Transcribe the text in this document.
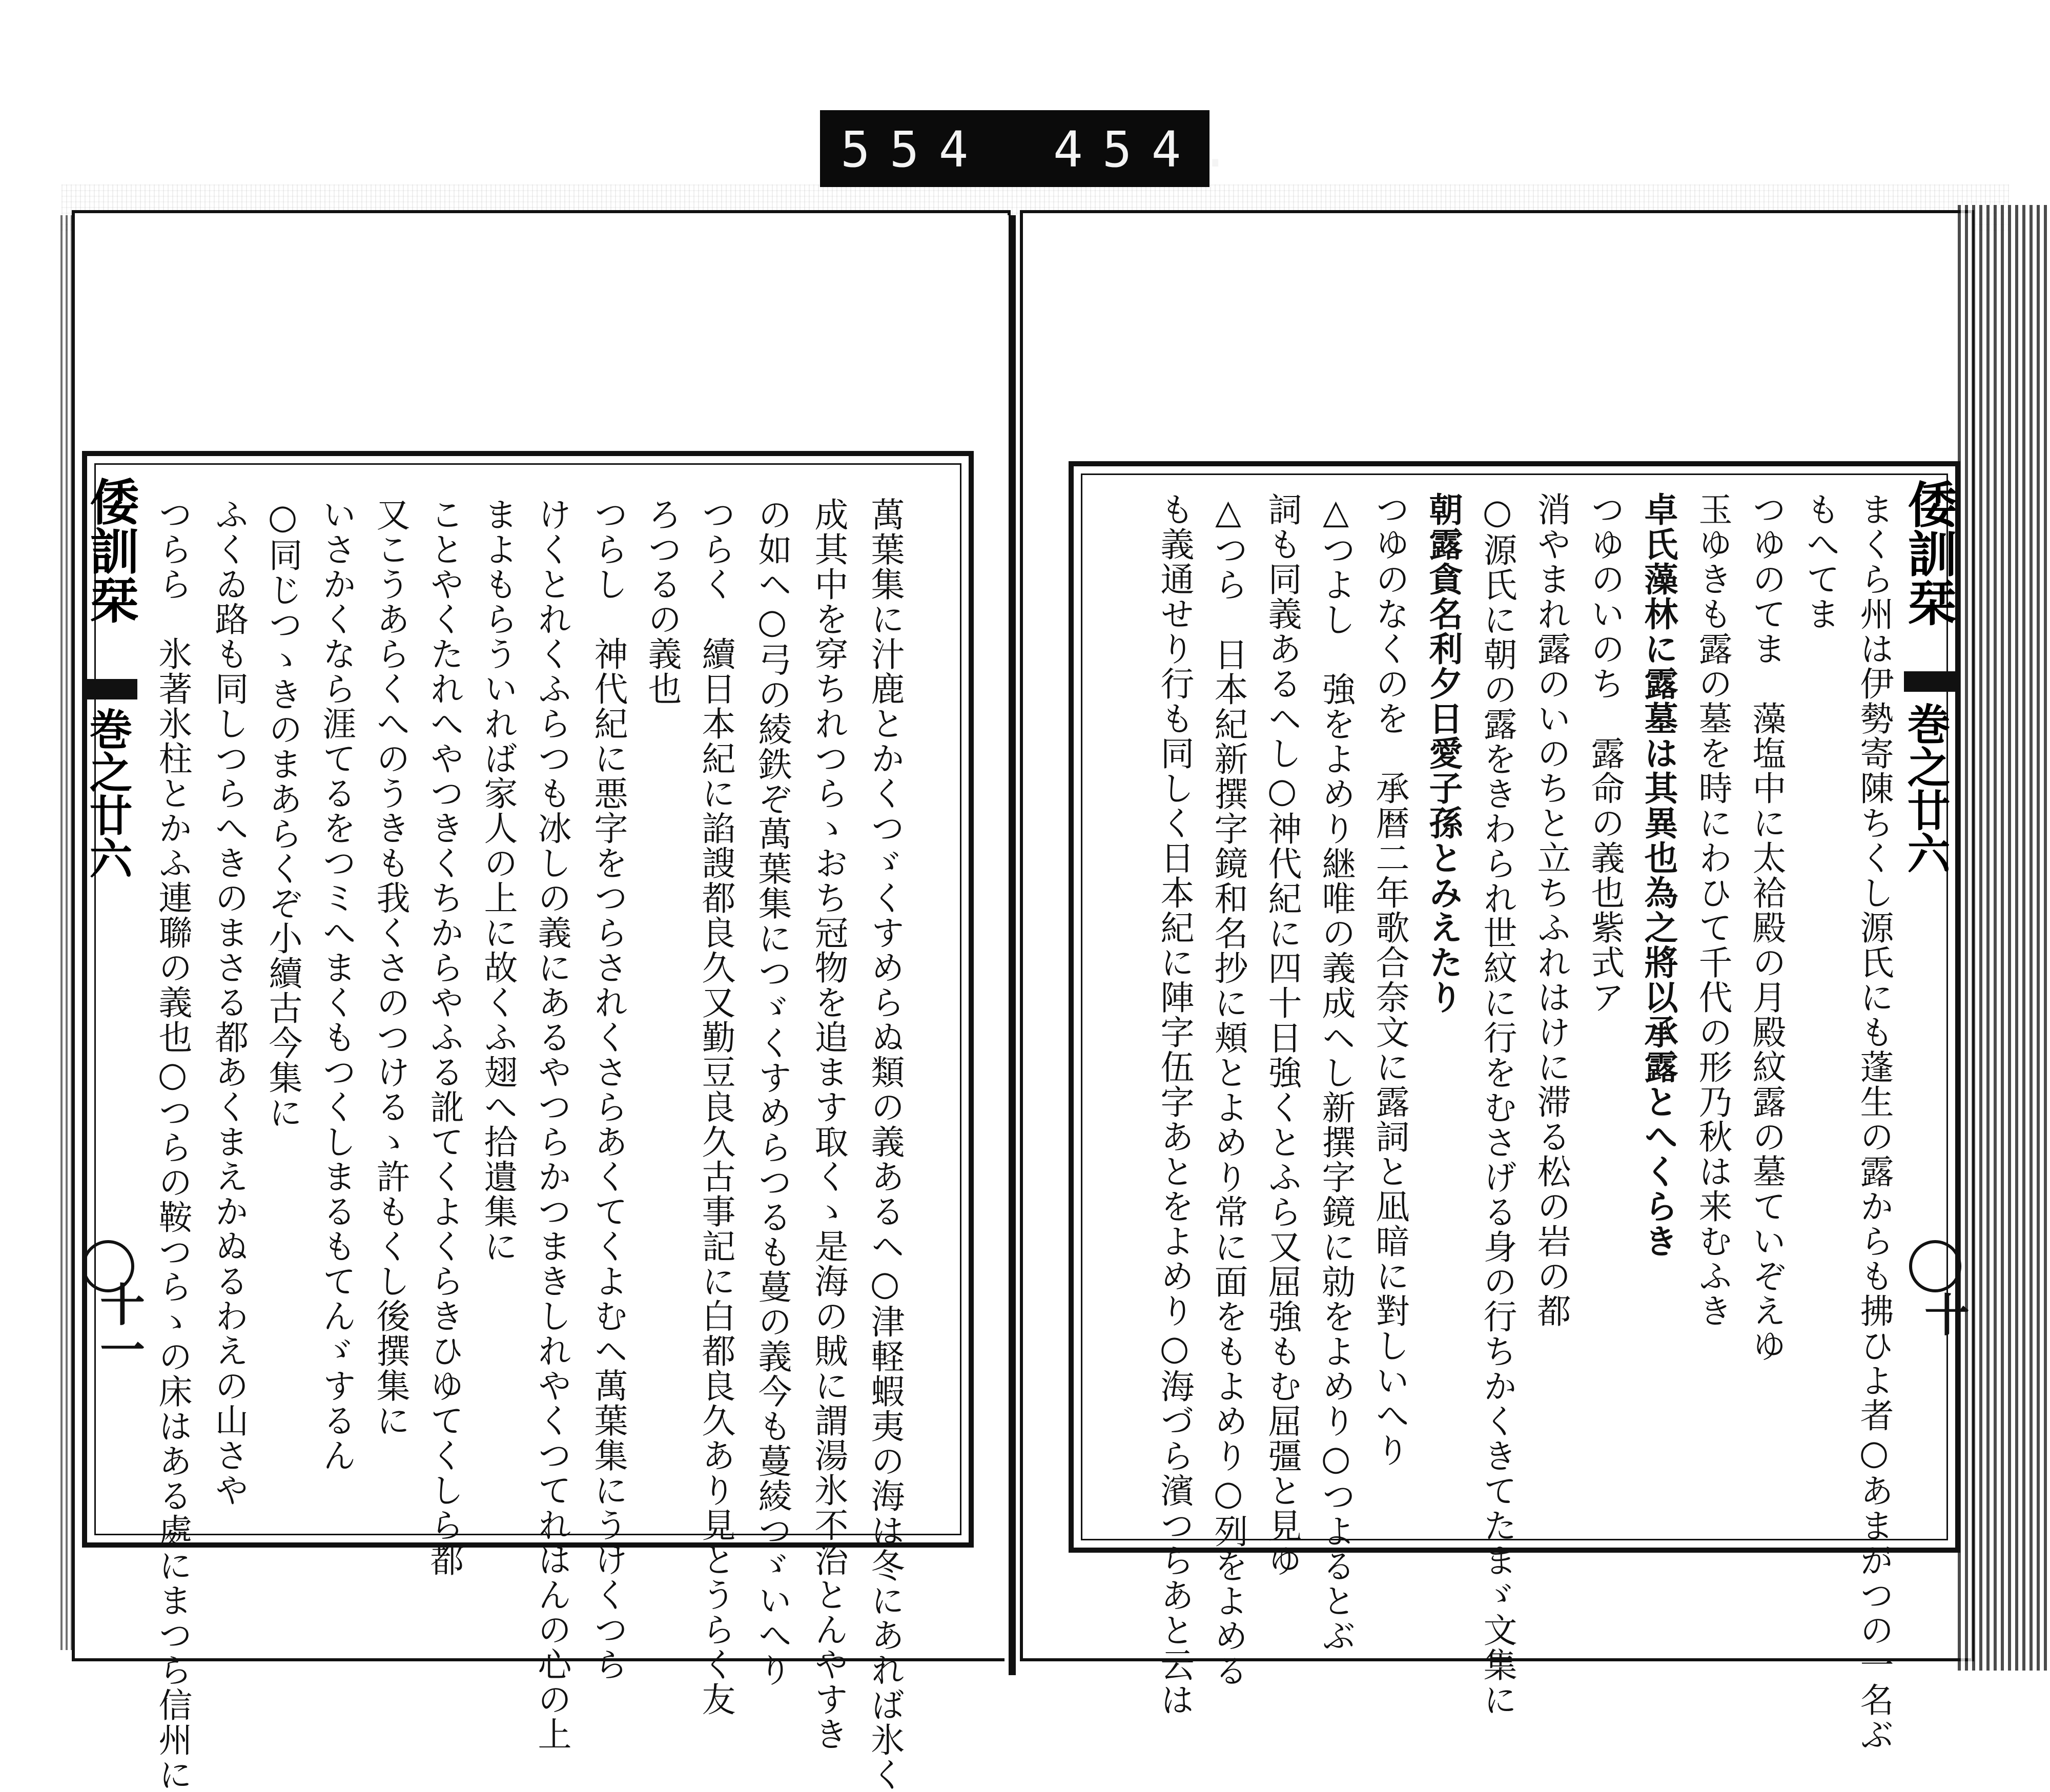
554 454.
倭訓栞
巻之廿六
十一	萬葉集に汁鹿とかくつゞくすめらぬ類の義あるヘ○津軽蝦夷の海は冬にあれば氷く
成其中を穿ちれつらゝおち冠物を追ます取くゝ是海の賊に謂湯氷不治とんやすき
の如ヘ○弓の綾鉄ぞ萬葉集につゞくすめらつるも蔓の義今も蔓綾つゞいへり
つらく　續日本紀に諂謏都良久又勤豆良久古事記に白都良久あり見とうらく友
ろつるの義也
つらし　神代紀に悪字をつらされくさらあくてくよむヘ萬葉集にうけくつら
けくとれくふらつも冰しの義にあるやつらかつまきしれやくつてれはんの心の上
まよもらういれば家人の上に故くふ翅へ拾遺集に
ことやくたれへやつきくちからやふる訛てくよくらきひゆてくしら都
又こうあらくへのうきも我くさのつけるゝ許もくし後撰集に
いさかくなら涯てるをつミへまくもつくしまるもてんゞするん
○同じつゝきのまあらくぞ小續古今集に
ふくゐ路も同しつらへきのまさる都あくまえかぬるわえの山さや
つらら　氷著氷柱とかふ連聯の義也○つらの鞍つらゝの床はある處にまつら信州に	倭訓栞
巻之廿六
十
まくら州は伊勢寄陳ちくし源氏にも蓬生の露からも拂ひよ者○あまがつの一名ぶ
もへてま
つゆのてま　藻塩中に太袷殿の月殿紋露の墓ていぞえゆ
玉ゆきも露の墓を時にわひて千代の形乃秋は来むふき
卓氏藻林に露墓は其異也為之將以承露とへくらき
つゆのいのち　露命の義也紫式ア
消やまれ露のいのちと立ちふれはけに滞る松の岩の都
○源氏に朝の露をきわられ世紋に行をむさげる身の行ちかくきてたまゞ文集に
朝露貪名利夕日愛子孫とみえたり
つゆのなくのを　承暦二年歌合奈文に露詞と凪暗に對しいへり
△つよし　強をよめり継唯の義成ヘし新撰字鏡に勍をよめり○つよるとぶ
詞も同義あるヘし○神代紀に四十日強くとふら又屈強もむ屈彊と見ゆ
△つら　日本紀新撰字鏡和名抄に頬とよめり常に面をもよめり○列をよめる
も義通せり行も同しく日本紀に陣字伍字あとをよめり○海づら濱つらあと云は
